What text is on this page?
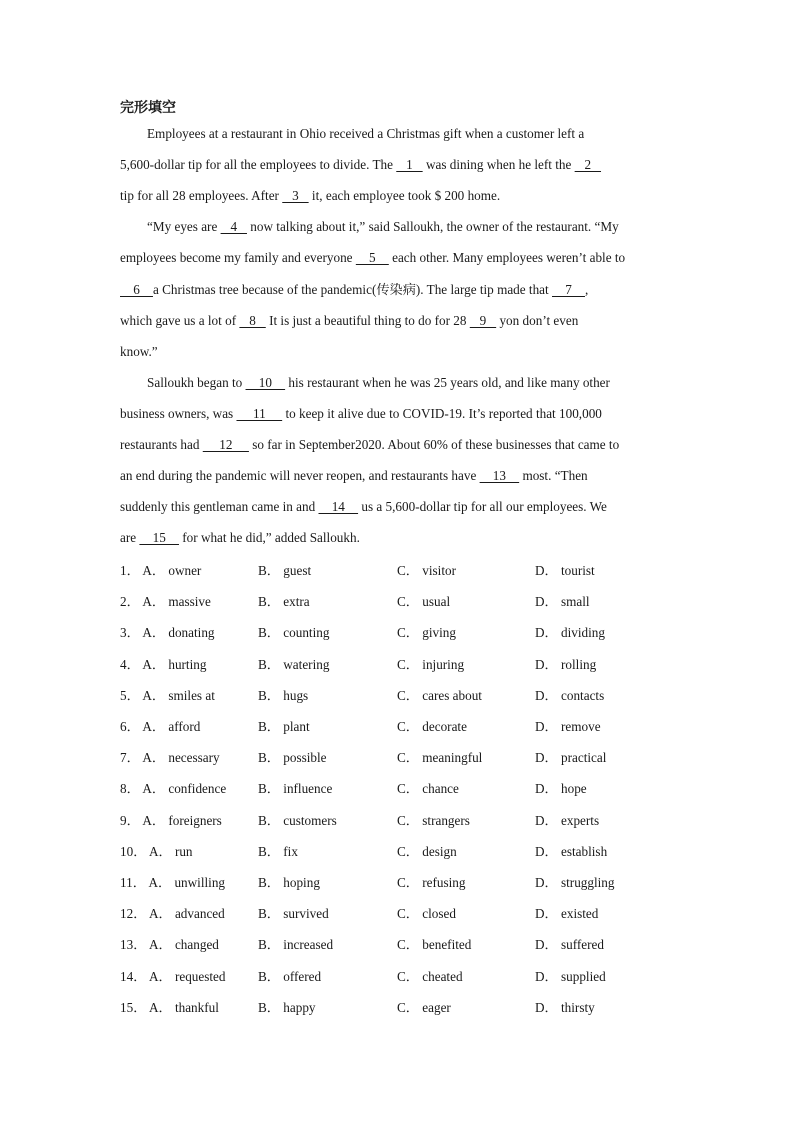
完形填空
Employees at a restaurant in Ohio received a Christmas gift when a customer left a
5,600-dollar tip for all the employees to divide. The    1    was dining when he left the    2
tip for all 28 employees. After    3    it, each employee took $ 200 home.
“My eyes are    4    now talking about it,” said Salloukh, the owner of the restaurant. “My
employees become my family and everyone     5     each other. Many employees weren’t able to
6    a Christmas tree because of the pandemic(传染病). The large tip made that     7    ,
which gave us a lot of    8    It is just a beautiful thing to do for 28    9    yon don’t even
know.”
Salloukh began to     10     his restaurant when he was 25 years old, and like many other
business owners, was      11      to keep it alive due to COVID-19. It’s reported that 100,000
restaurants had      12      so far in September2020. About 60% of these businesses that came to
an end during the pandemic will never reopen, and restaurants have     13     most. “Then
suddenly this gentleman came in and     14     us a 5,600-dollar tip for all our employees. We
are     15     for what he did,” added Salloukh.
1． A． owner	B． guest	C． visitor	D． tourist
2． A． massive	B． extra	C． usual	D． small
3． A． donating	B． counting	C． giving	D． dividing
4． A． hurting	B． watering	C． injuring	D． rolling
5． A． smiles at	B． hugs	C． cares about	D． contacts
6． A． afford	B． plant	C． decorate	D． remove
7． A． necessary	B． possible	C． meaningful	D． practical
8． A． confidence B． influence	C． chance	D． hope
9． A． foreigners	B． customers	C． strangers	D． experts
10． A． run	B． fix	C． design	D． establish
11． A． unwilling B． hoping	C． refusing	D． struggling
12． A． advanced	B． survived	C． closed	D． existed
13． A． changed	B． increased	C． benefited	D． suffered
14． A． requested B． offered	C． cheated	D． supplied
15． A． thankful	B． happy	C． eager	D． thirsty
